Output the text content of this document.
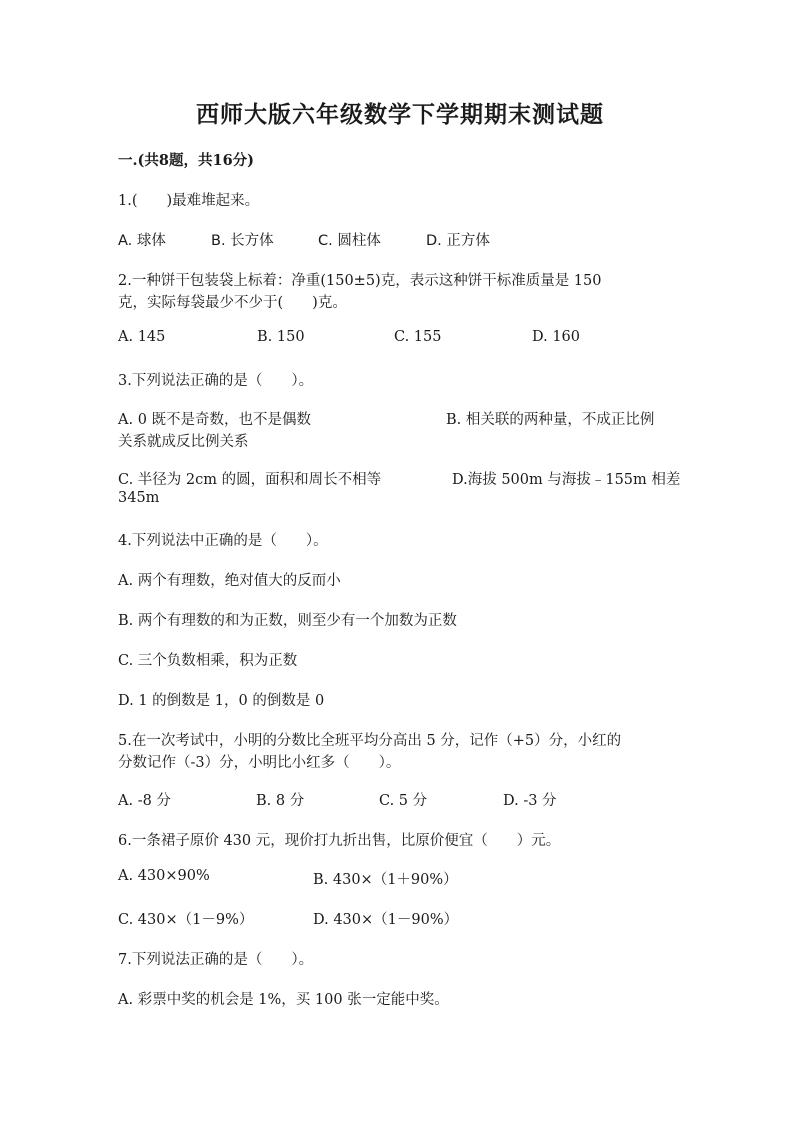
西师大版六年级数学下学期期末测试题
一.(共8题，共16分)
1.(　　)最难堆起来。
A. 球体	B. 长方体	C. 圆柱体	D. 正方体
2.一种饼干包装袋上标着：净重(150±5)克，表示这种饼干标准质量是 150
克，实际每袋最少不少于(　　)克。
A. 145	B. 150	C. 155	D. 160
3.下列说法正确的是（　　）。
A. 0 既不是奇数，也不是偶数	B. 相关联的两种量，不成正比例
关系就成反比例关系
C. 半径为 2cm 的圆，面积和周长不相等	D.海拔 500m 与海拔﹣155m 相差
345m
4.下列说法中正确的是（　　）。
A. 两个有理数，绝对值大的反而小
B. 两个有理数的和为正数，则至少有一个加数为正数
C. 三个负数相乘，积为正数
D. 1 的倒数是 1，0 的倒数是 0
5.在一次考试中，小明的分数比全班平均分高出 5 分，记作（+5）分，小红的
分数记作（-3）分，小明比小红多（　　）。
A. -8 分	B. 8 分	C. 5 分	D. -3 分
6.一条裙子原价 430 元，现价打九折出售，比原价便宜（　　）元。
A. 430×90%	B. 430×（1＋90%）
C. 430×（1－9%）	D. 430×（1－90%）
7.下列说法正确的是（　　）。
A. 彩票中奖的机会是 1%，买 100 张一定能中奖。
